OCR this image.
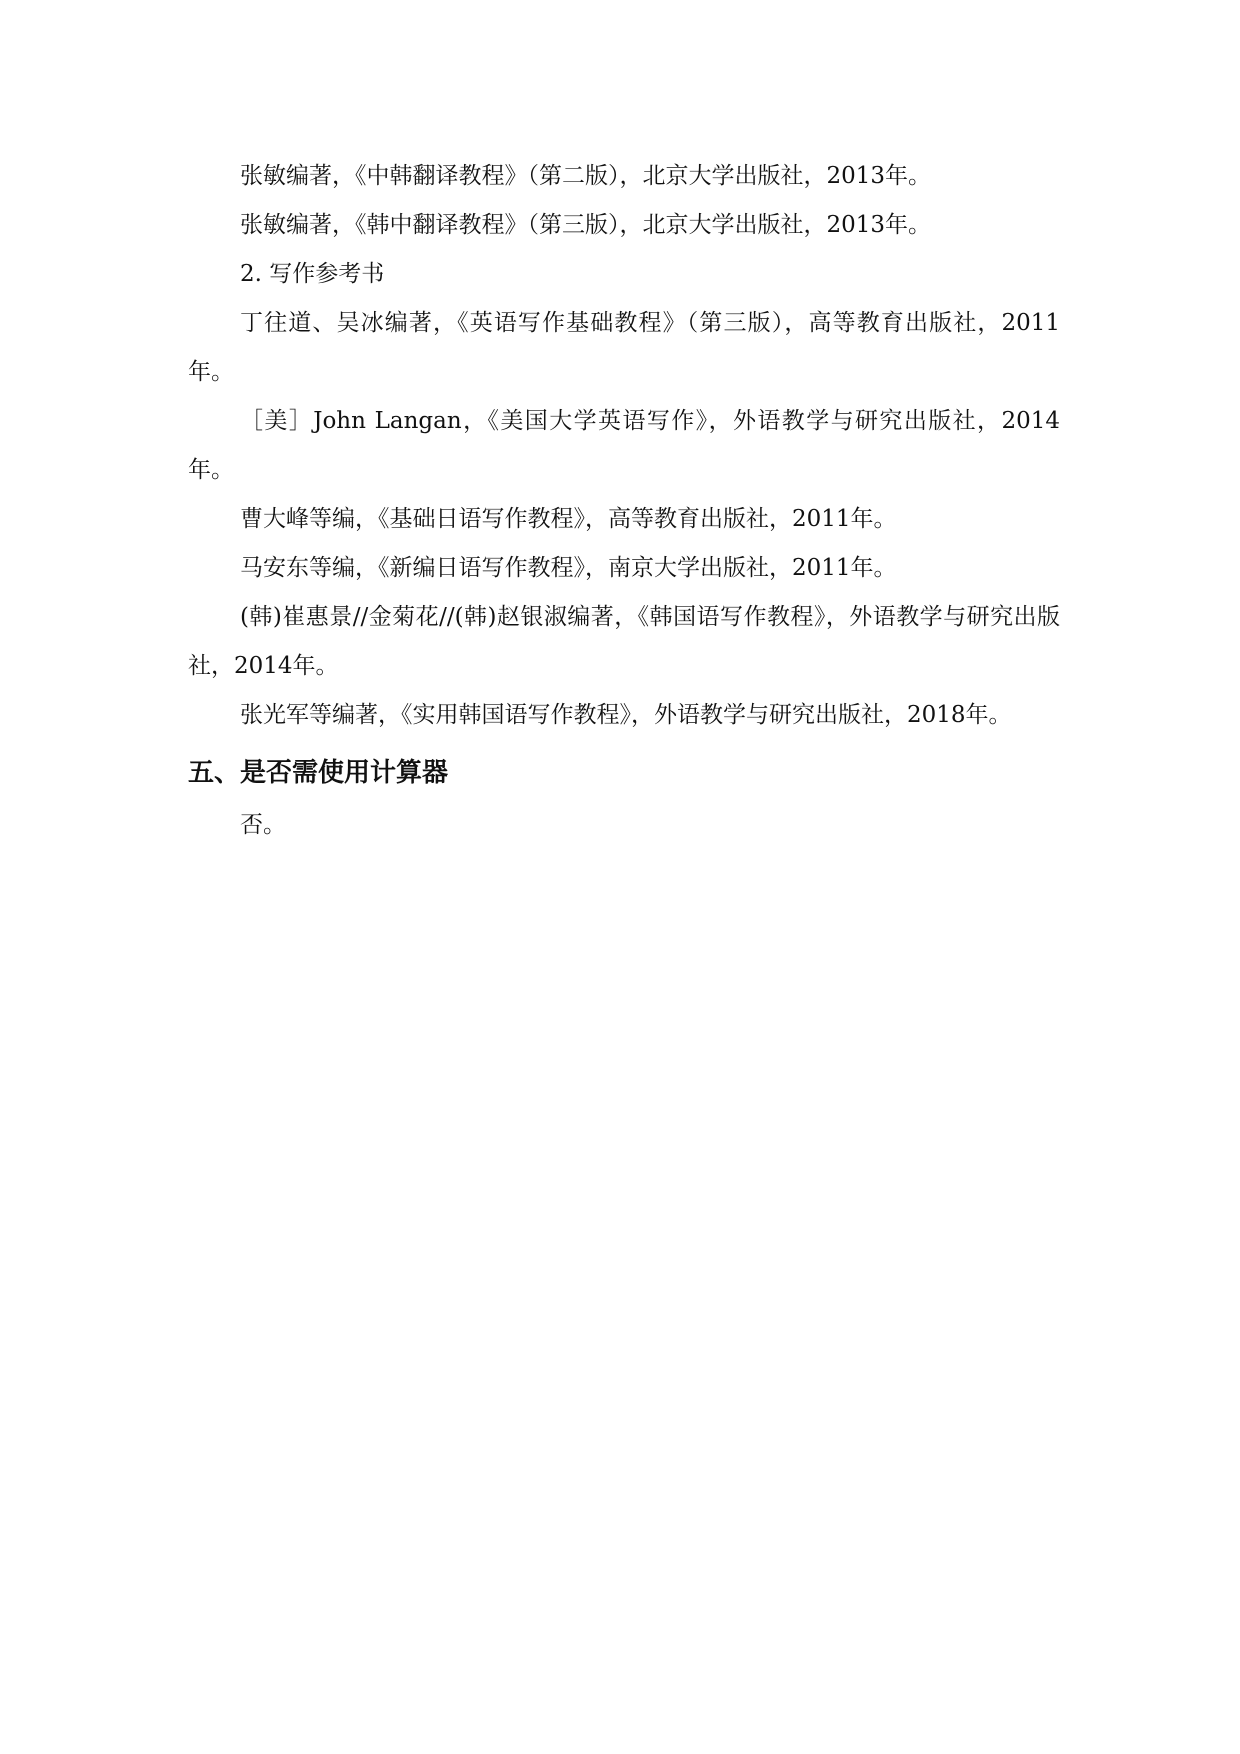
张敏编著，《中韩翻译教程》（第二版），北京大学出版社，2013年。

张敏编著，《韩中翻译教程》（第三版），北京大学出版社，2013年。

2. 写作参考书

丁往道、吴冰编著，《英语写作基础教程》（第三版），高等教育出版社，2011年。

［美］John Langan，《美国大学英语写作》，外语教学与研究出版社，2014年。

曹大峰等编，《基础日语写作教程》，高等教育出版社，2011年。

马安东等编，《新编日语写作教程》，南京大学出版社，2011年。

(韩)崔惠景//金菊花//(韩)赵银淑编著，《韩国语写作教程》，外语教学与研究出版社，2014年。

张光军等编著，《实用韩国语写作教程》，外语教学与研究出版社，2018年。

五、是否需使用计算器

否。
